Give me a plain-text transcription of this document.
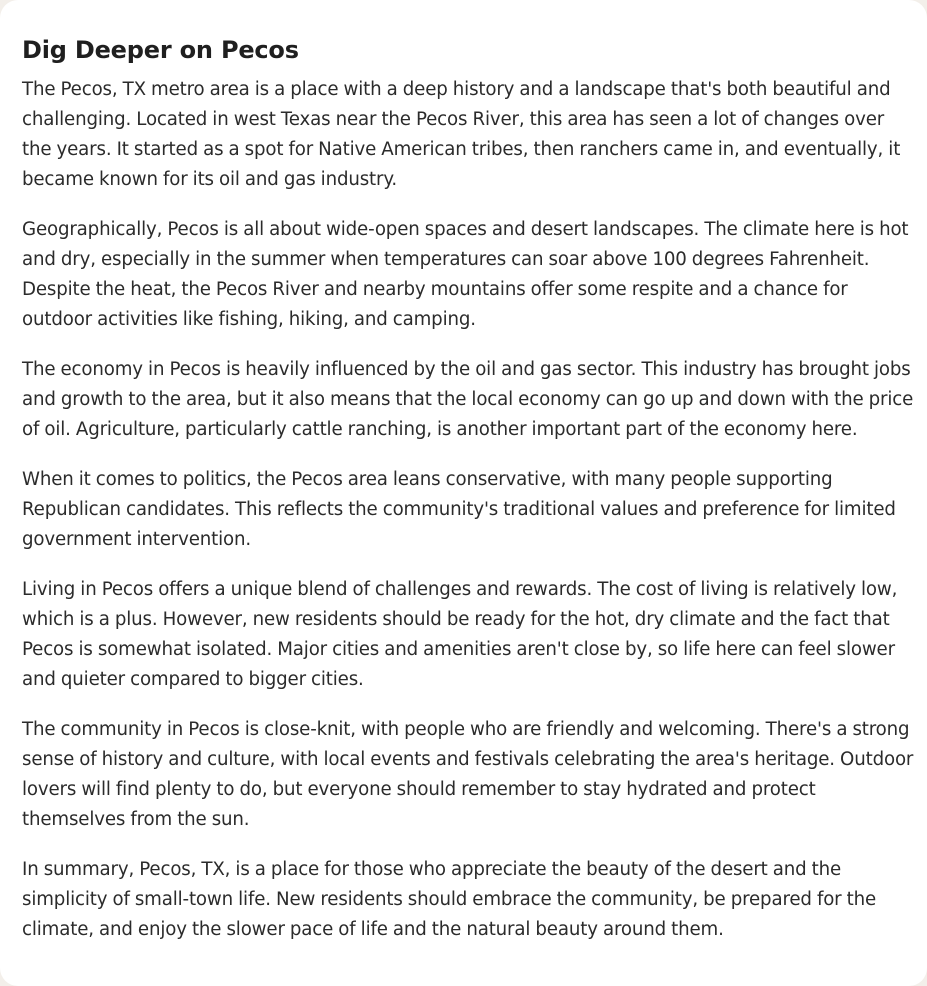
Dig Deeper on Pecos

The Pecos, TX metro area is a place with a deep history and a landscape that's both beautiful and challenging. Located in west Texas near the Pecos River, this area has seen a lot of changes over the years. It started as a spot for Native American tribes, then ranchers came in, and eventually, it became known for its oil and gas industry.

Geographically, Pecos is all about wide-open spaces and desert landscapes. The climate here is hot and dry, especially in the summer when temperatures can soar above 100 degrees Fahrenheit. Despite the heat, the Pecos River and nearby mountains offer some respite and a chance for outdoor activities like fishing, hiking, and camping.

The economy in Pecos is heavily influenced by the oil and gas sector. This industry has brought jobs and growth to the area, but it also means that the local economy can go up and down with the price of oil. Agriculture, particularly cattle ranching, is another important part of the economy here.

When it comes to politics, the Pecos area leans conservative, with many people supporting Republican candidates. This reflects the community's traditional values and preference for limited government intervention.

Living in Pecos offers a unique blend of challenges and rewards. The cost of living is relatively low, which is a plus. However, new residents should be ready for the hot, dry climate and the fact that Pecos is somewhat isolated. Major cities and amenities aren't close by, so life here can feel slower and quieter compared to bigger cities.

The community in Pecos is close-knit, with people who are friendly and welcoming. There's a strong sense of history and culture, with local events and festivals celebrating the area's heritage. Outdoor lovers will find plenty to do, but everyone should remember to stay hydrated and protect themselves from the sun.

In summary, Pecos, TX, is a place for those who appreciate the beauty of the desert and the simplicity of small-town life. New residents should embrace the community, be prepared for the climate, and enjoy the slower pace of life and the natural beauty around them.
